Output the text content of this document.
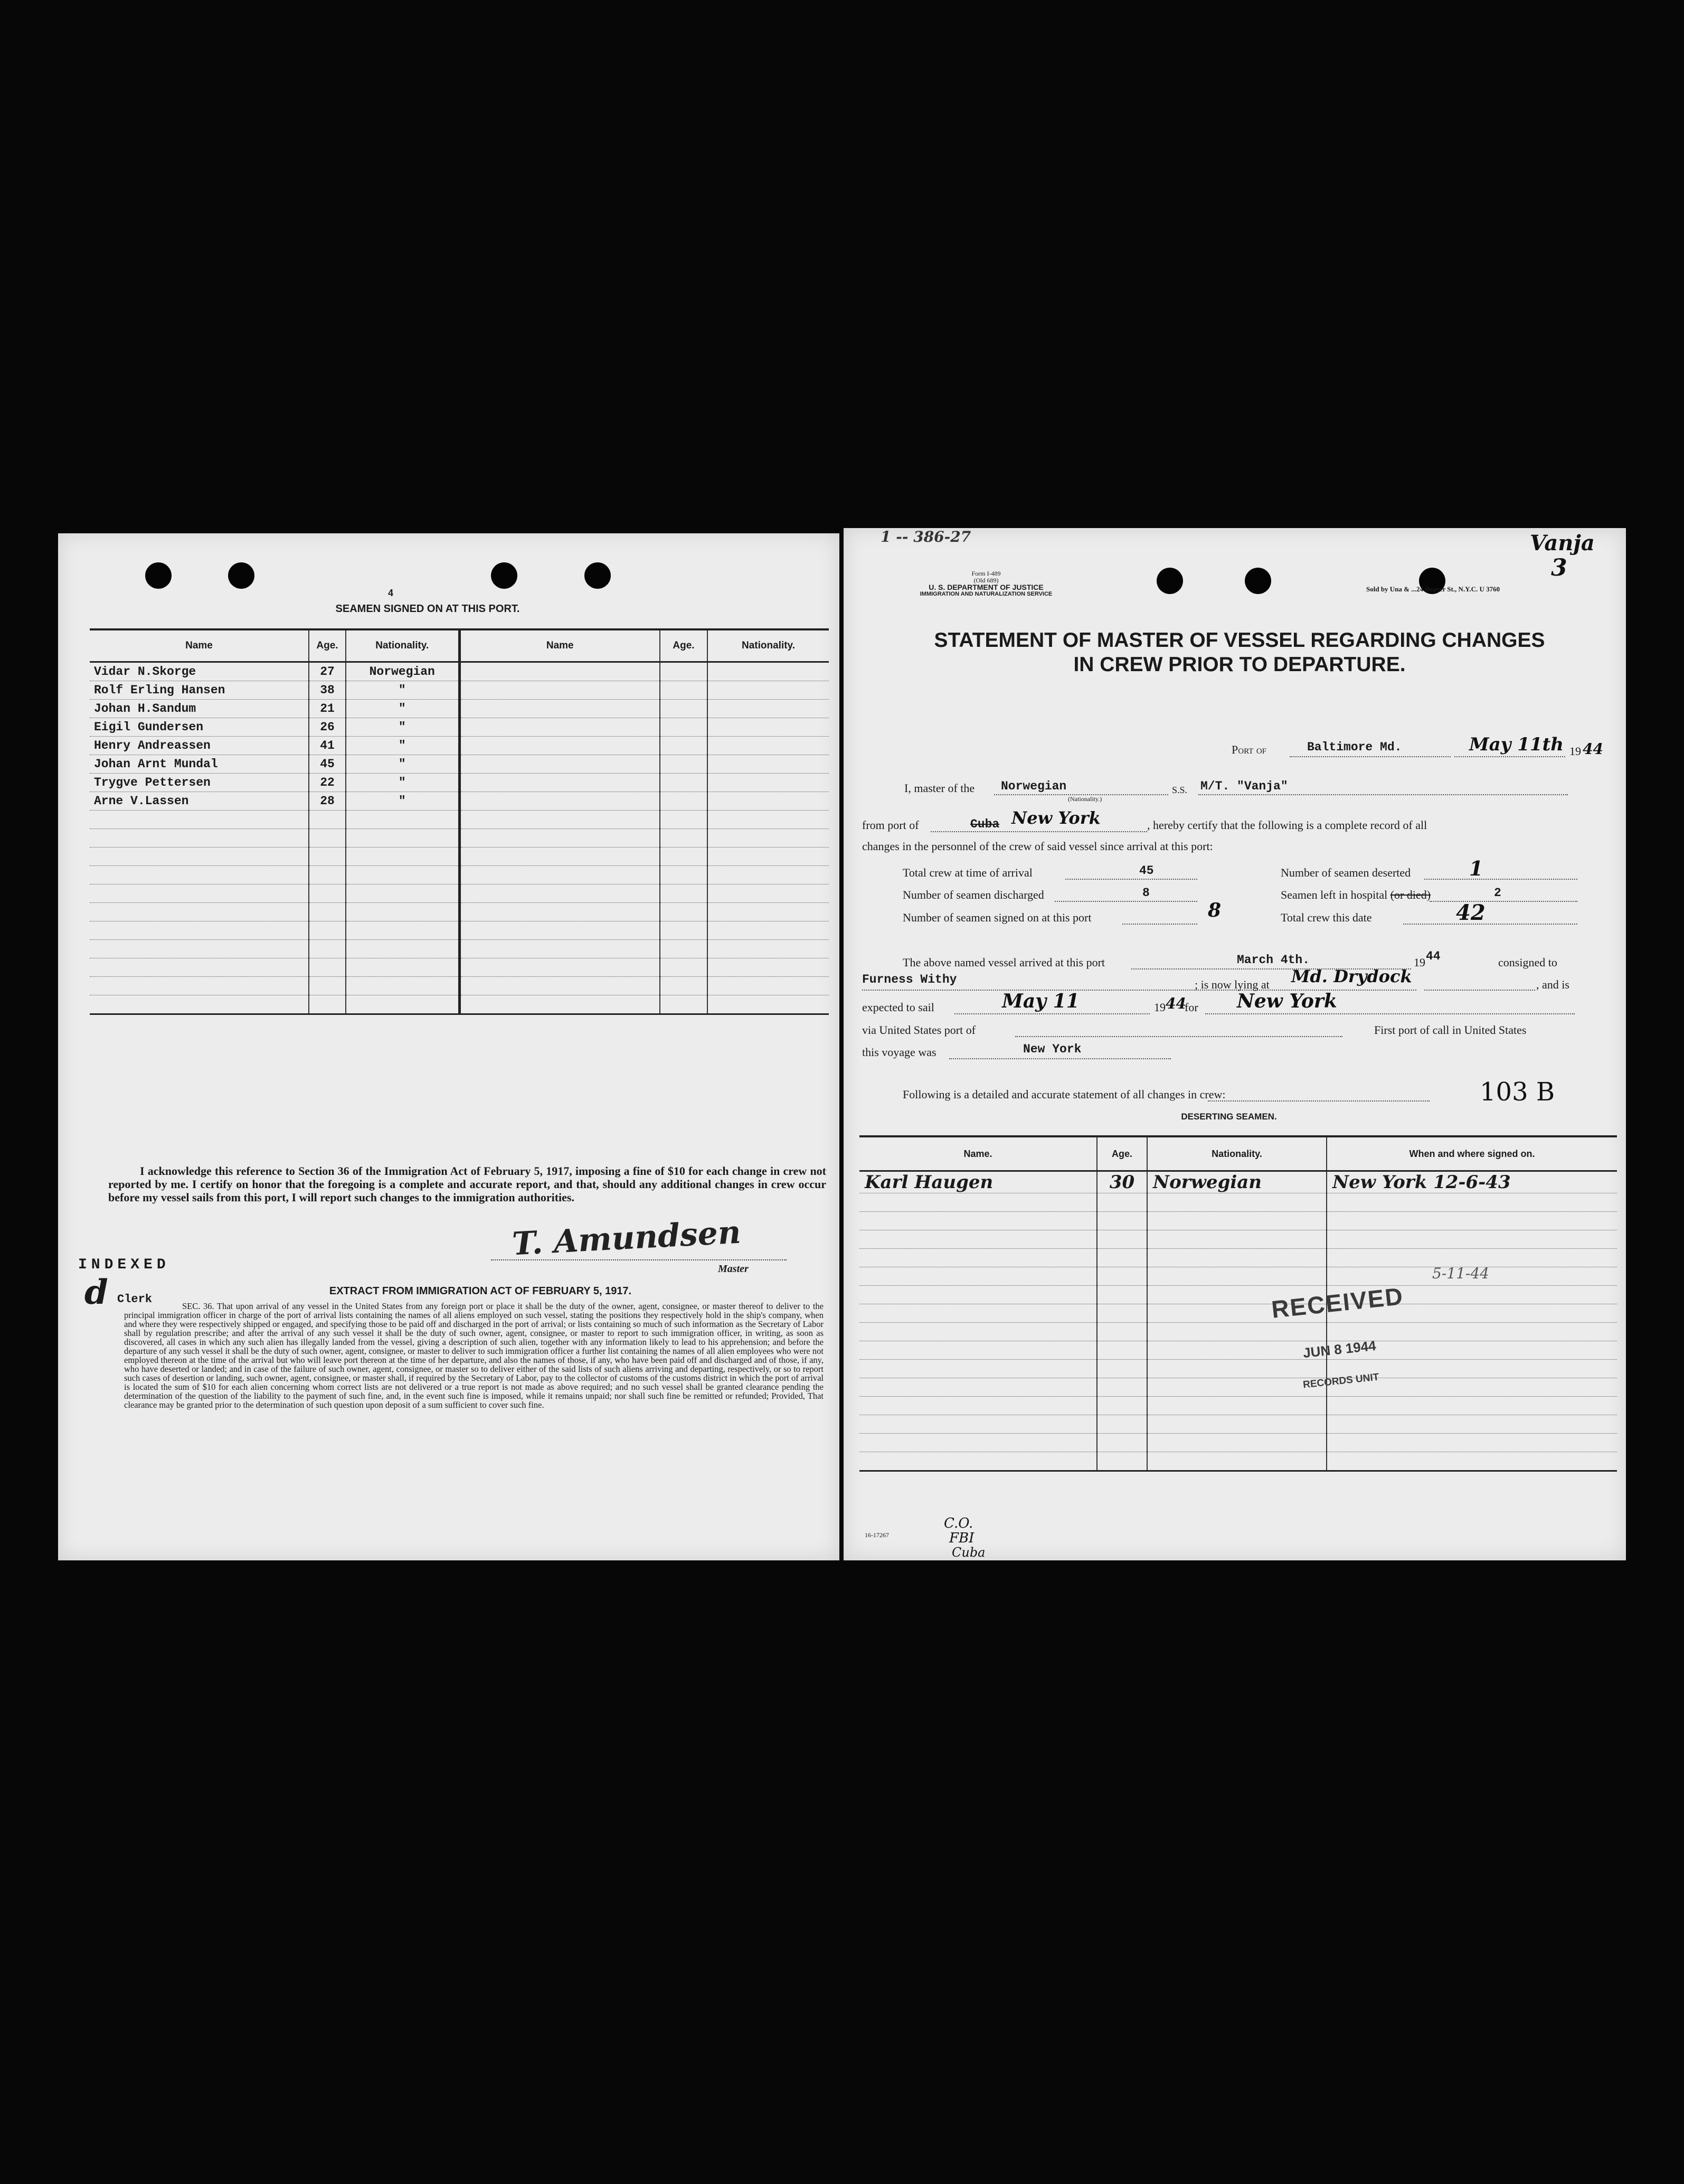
4
SEAMEN SIGNED ON AT THIS PORT.
Name	Age.	Nationality.	Name	Age.	Nationality.
Vidar N.Skorge	27	Norwegian			
Rolf Erling Hansen	38	"			
Johan H.Sandum	21	"			
Eigil Gundersen	26	"			
Henry Andreassen	41	"			
Johan Arnt Mundal	45	"			
Trygve Pettersen	22	"			
Arne V.Lassen	28	"			

I acknowledge this reference to Section 36 of the Immigration Act of February 5, 1917, imposing a fine of $10 for each change in crew not reported by me. I certify on honor that the foregoing is a complete and accurate report, and that, should any additional changes in crew occur before my vessel sails from this port, I will report such changes to the immigration authorities.
T. Amundsen
Master
INDEXED
d Clerk
EXTRACT FROM IMMIGRATION ACT OF FEBRUARY 5, 1917.
SEC. 36. That upon arrival of any vessel in the United States from any foreign port or place it shall be the duty of the owner, agent, consignee, or master thereof to deliver to the principal immigration officer in charge of the port of arrival lists containing the names of all aliens employed on such vessel, stating the positions they respectively hold in the ship's company, when and where they were respectively shipped or engaged, and specifying those to be paid off and discharged in the port of arrival; or lists containing so much of such information as the Secretary of Labor shall by regulation prescribe; and after the arrival of any such vessel it shall be the duty of such owner, agent, consignee, or master to report to such immigration officer, in writing, as soon as discovered, all cases in which any such alien has illegally landed from the vessel, giving a description of such alien, together with any information likely to lead to his apprehension; and before the departure of any such vessel it shall be the duty of such owner, agent, consignee, or master to deliver to such immigration officer a further list containing the names of all alien employees who were not employed thereon at the time of the arrival but who will leave port thereon at the time of her departure, and also the names of those, if any, who have been paid off and discharged and of those, if any, who have deserted or landed; and in case of the failure of such owner, agent, consignee, or master so to deliver either of the said lists of such aliens arriving and departing, respectively, or so to report such cases of desertion or landing, such owner, agent, consignee, or master shall, if required by the Secretary of Labor, pay to the collector of customs of the customs district in which the port of arrival is located the sum of $10 for each alien concerning whom correct lists are not delivered or a true report is not made as above required; and no such vessel shall be granted clearance pending the determination of the question of the liability to the payment of such fine, and, in the event such fine is imposed, while it remains unpaid; nor shall such fine be remitted or refunded; Provided, That clearance may be granted prior to the determination of such question upon deposit of a sum sufficient to cover such fine.
1 -- 386-27	Vanja
3
Form I-489
(Old 689)
U. S. DEPARTMENT OF JUSTICE
IMMIGRATION AND NATURALIZATION SERVICE
Sold by Una & ...24 Beaver St., N.Y.C. U 3760
STATEMENT OF MASTER OF VESSEL REGARDING CHANGES
IN CREW PRIOR TO DEPARTURE.
Port of	Baltimore Md.	May 11th 19 44
I, master of the Norwegian
(Nationality.)
S.S. M/T. "Vanja"
from port of	Cuba New York	, hereby certify that the following is a complete record of all
changes in the personnel of the crew of said vessel since arrival at this port:
Total crew at time of arrival	45	Number of seamen deserted	1
Number of seamen discharged	8	Seamen left in hospital (or died)	2
Number of seamen signed on at this port	8	Total crew this date	42
The above named vessel arrived at this port	March 4th.	19 44	consigned to
Furness Withy	; is now lying at Md. Drydock	, and is
expected to sail	May 11	19 44
for New York
via United States port of	First port of call in United States
this voyage was	New York
Following is a detailed and accurate statement of all changes in crew:	103 B
DESERTING SEAMEN.
Name.	Age.	Nationality.	When and where signed on.
Karl Haugen	30	Norwegian	New York 12-6-43

5-11-44
RECEIVED
JUN 8 1944
RECORDS UNIT
16-17267
C.O.
FBI
Cuba
